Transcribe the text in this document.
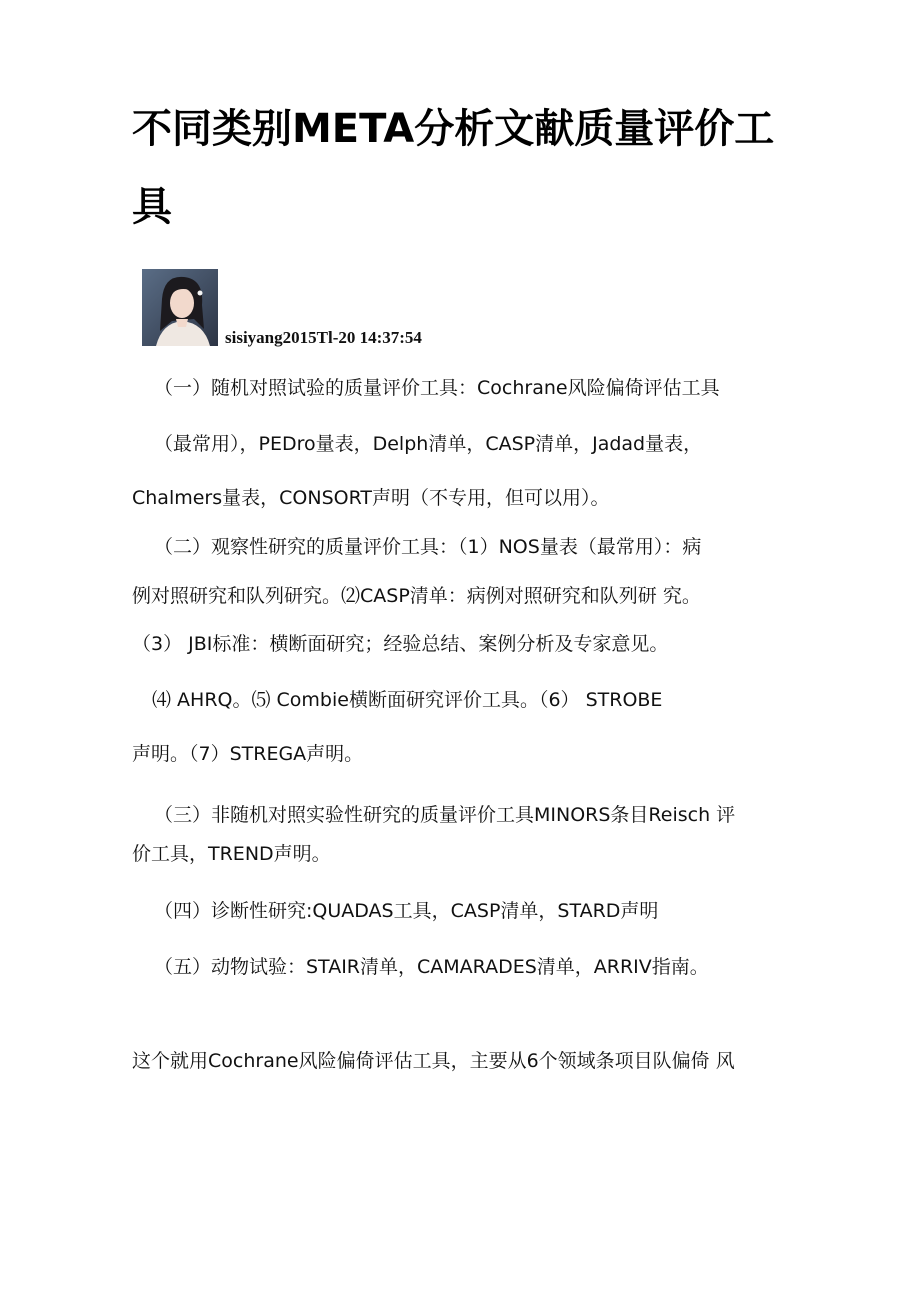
不同类别META分析文献质量评价工
具
sisiyang2015Tl-20 14:37:54
（一）随机对照试验的质量评价工具：Cochrane风险偏倚评估工具
（最常用），PEDro量表，Delph清单，CASP清单，Jadad量表，
Chalmers量表，CONSORT声明（不专用，但可以用）。
（二）观察性研究的质量评价工具：（1）NOS量表（最常用）：病
例对照研究和队列研究。⑵CASP清单：病例对照研究和队列研 究。
（3） JBI标准：横断面研究；经验总结、案例分析及专家意见。
⑷ AHRQ。⑸ Combie横断面研究评价工具。（6） STROBE
声明。（7）STREGA声明。
（三）非随机对照实验性研究的质量评价工具MINORS条目Reisch 评
价工具，TREND声明。
（四）诊断性研究:QUADAS工具，CASP清单，STARD声明
（五）动物试验：STAIR清单，CAMARADES清单，ARRIV指南。
这个就用Cochrane风险偏倚评估工具，主要从6个领域条项目队偏倚 风
